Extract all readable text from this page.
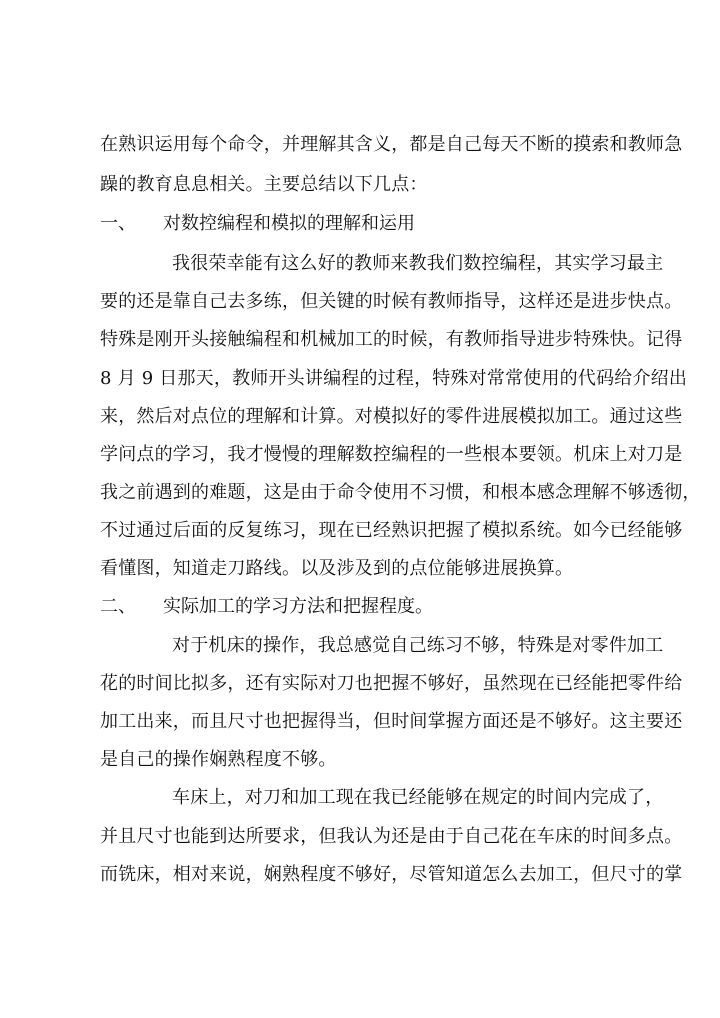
在熟识运用每个命令，并理解其含义，都是自己每天不断的摸索和教师急
躁的教育息息相关。主要总结以下几点：
一、 对数控编程和模拟的理解和运用
我很荣幸能有这么好的教师来教我们数控编程，其实学习最主
要的还是靠自己去多练，但关键的时候有教师指导，这样还是进步快点。
特殊是刚开头接触编程和机械加工的时候，有教师指导进步特殊快。记得
8 月 9 日那天，教师开头讲编程的过程，特殊对常常使用的代码给介绍出
来，然后对点位的理解和计算。对模拟好的零件进展模拟加工。通过这些
学问点的学习，我才慢慢的理解数控编程的一些根本要领。机床上对刀是
我之前遇到的难题，这是由于命令使用不习惯，和根本感念理解不够透彻，
不过通过后面的反复练习，现在已经熟识把握了模拟系统。如今已经能够
看懂图，知道走刀路线。以及涉及到的点位能够进展换算。
二、 实际加工的学习方法和把握程度。
对于机床的操作，我总感觉自己练习不够，特殊是对零件加工
花的时间比拟多，还有实际对刀也把握不够好，虽然现在已经能把零件给
加工出来，而且尺寸也把握得当，但时间掌握方面还是不够好。这主要还
是自己的操作娴熟程度不够。
车床上，对刀和加工现在我已经能够在规定的时间内完成了，
并且尺寸也能到达所要求，但我认为还是由于自己花在车床的时间多点。
而铣床，相对来说，娴熟程度不够好，尽管知道怎么去加工，但尺寸的掌
